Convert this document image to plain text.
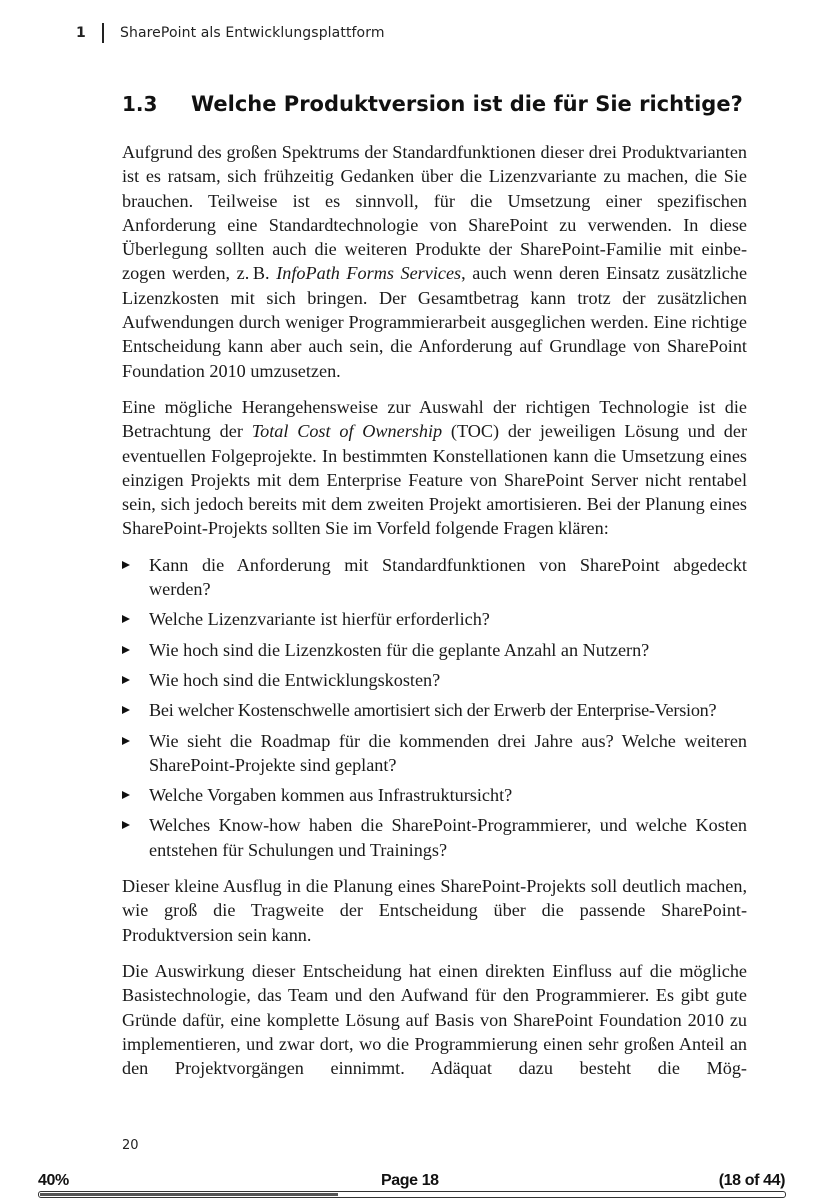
1	SharePoint als Entwicklungsplattform
1.3	Welche Produktversion ist die für Sie richtige?

Aufgrund des großen Spektrums der Standardfunktionen dieser drei Produktvarianten ist es ratsam, sich frühzeitig Gedanken über die Lizenzvariante zu machen, die Sie brauchen. Teilweise ist es sinnvoll, für die Umsetzung einer spezifischen Anforderung eine Standardtechnologie von SharePoint zu verwenden. In diese Überlegung sollten auch die weiteren Produkte der SharePoint-Familie mit einbezogen werden, z. B. InfoPath Forms Services, auch wenn deren Einsatz zusätzliche Lizenzkosten mit sich bringen. Der Gesamtbetrag kann trotz der zusätzlichen Aufwendungen durch weniger Programmierarbeit ausgeglichen werden. Eine richtige Entscheidung kann aber auch sein, die Anforderung auf Grundlage von SharePoint Foundation 2010 umzusetzen.

Eine mögliche Herangehensweise zur Auswahl der richtigen Technologie ist die Betrachtung der Total Cost of Ownership (TOC) der jeweiligen Lösung und der eventuellen Folgeprojekte. In bestimmten Konstellationen kann die Umsetzung eines einzigen Projekts mit dem Enterprise Feature von SharePoint Server nicht rentabel sein, sich jedoch bereits mit dem zweiten Projekt amortisieren. Bei der Planung eines SharePoint-Projekts sollten Sie im Vorfeld folgende Fragen klären:

Kann die Anforderung mit Standardfunktionen von SharePoint abgedeckt werden?
Welche Lizenzvariante ist hierfür erforderlich?
Wie hoch sind die Lizenzkosten für die geplante Anzahl an Nutzern?
Wie hoch sind die Entwicklungskosten?
Bei welcher Kostenschwelle amortisiert sich der Erwerb der Enterprise-Version?
Wie sieht die Roadmap für die kommenden drei Jahre aus? Welche weiteren SharePoint-Projekte sind geplant?
Welche Vorgaben kommen aus Infrastruktursicht?
Welches Know-how haben die SharePoint-Programmierer, und welche Kosten entstehen für Schulungen und Trainings?

Dieser kleine Ausflug in die Planung eines SharePoint-Projekts soll deutlich machen, wie groß die Tragweite der Entscheidung über die passende SharePoint-Produktversion sein kann.

Die Auswirkung dieser Entscheidung hat einen direkten Einfluss auf die mögliche Basistechnologie, das Team und den Aufwand für den Programmierer. Es gibt gute Gründe dafür, eine komplette Lösung auf Basis von SharePoint Foundation 2010 zu implementieren, und zwar dort, wo die Programmierung einen sehr großen Anteil an den Projektvorgängen einnimmt. Adäquat dazu besteht die Mög-

20
40%	Page 18	(18 of 44)
